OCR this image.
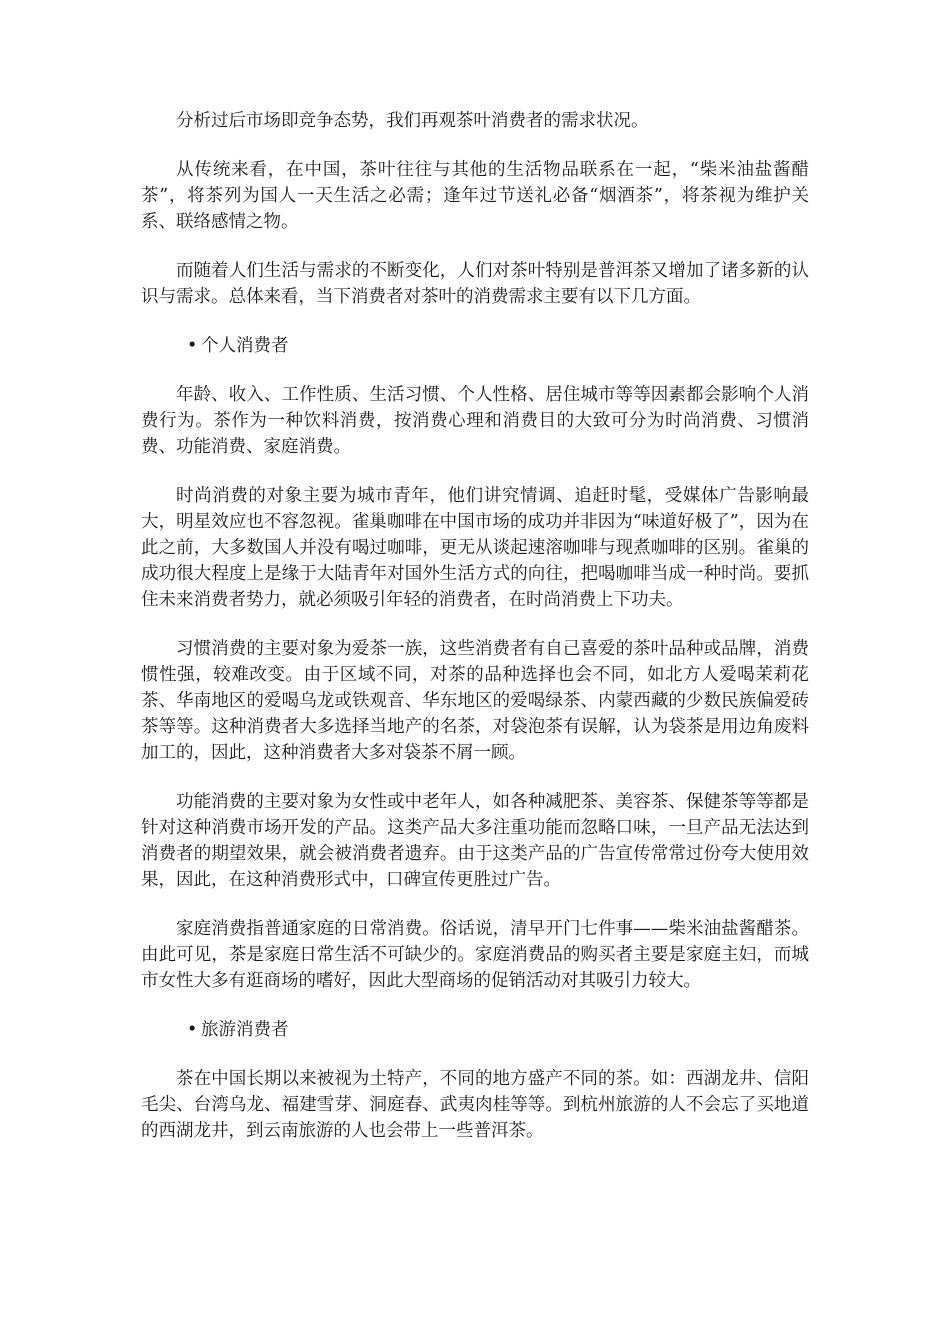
分析过后市场即竞争态势，我们再观茶叶消费者的需求状况。

从传统来看，在中国，茶叶往往与其他的生活物品联系在一起，“柴米油盐酱醋茶”，将茶列为国人一天生活之必需；逢年过节送礼必备“烟酒茶”，将茶视为维护关系、联络感情之物。

而随着人们生活与需求的不断变化，人们对茶叶特别是普洱茶又增加了诸多新的认识与需求。总体来看，当下消费者对茶叶的消费需求主要有以下几方面。

• 个人消费者

年龄、收入、工作性质、生活习惯、个人性格、居住城市等等因素都会影响个人消费行为。茶作为一种饮料消费，按消费心理和消费目的大致可分为时尚消费、习惯消费、功能消费、家庭消费。

时尚消费的对象主要为城市青年，他们讲究情调、追赶时髦，受媒体广告影响最大，明星效应也不容忽视。雀巢咖啡在中国市场的成功并非因为“味道好极了”，因为在此之前，大多数国人并没有喝过咖啡，更无从谈起速溶咖啡与现煮咖啡的区别。雀巢的成功很大程度上是缘于大陆青年对国外生活方式的向往，把喝咖啡当成一种时尚。要抓住未来消费者势力，就必须吸引年轻的消费者，在时尚消费上下功夫。

习惯消费的主要对象为爱茶一族，这些消费者有自己喜爱的茶叶品种或品牌，消费惯性强，较难改变。由于区域不同，对茶的品种选择也会不同，如北方人爱喝茉莉花茶、华南地区的爱喝乌龙或铁观音、华东地区的爱喝绿茶、内蒙西藏的少数民族偏爱砖茶等等。这种消费者大多选择当地产的名茶，对袋泡茶有误解，认为袋茶是用边角废料加工的，因此，这种消费者大多对袋茶不屑一顾。

功能消费的主要对象为女性或中老年人，如各种减肥茶、美容茶、保健茶等等都是针对这种消费市场开发的产品。这类产品大多注重功能而忽略口味，一旦产品无法达到消费者的期望效果，就会被消费者遗弃。由于这类产品的广告宣传常常过份夸大使用效果，因此，在这种消费形式中，口碑宣传更胜过广告。

家庭消费指普通家庭的日常消费。俗话说，清早开门七件事——柴米油盐酱醋茶。由此可见，茶是家庭日常生活不可缺少的。家庭消费品的购买者主要是家庭主妇，而城市女性大多有逛商场的嗜好，因此大型商场的促销活动对其吸引力较大。

• 旅游消费者

茶在中国长期以来被视为土特产，不同的地方盛产不同的茶。如：西湖龙井、信阳毛尖、台湾乌龙、福建雪芽、洞庭春、武夷肉桂等等。到杭州旅游的人不会忘了买地道的西湖龙井，到云南旅游的人也会带上一些普洱茶。
